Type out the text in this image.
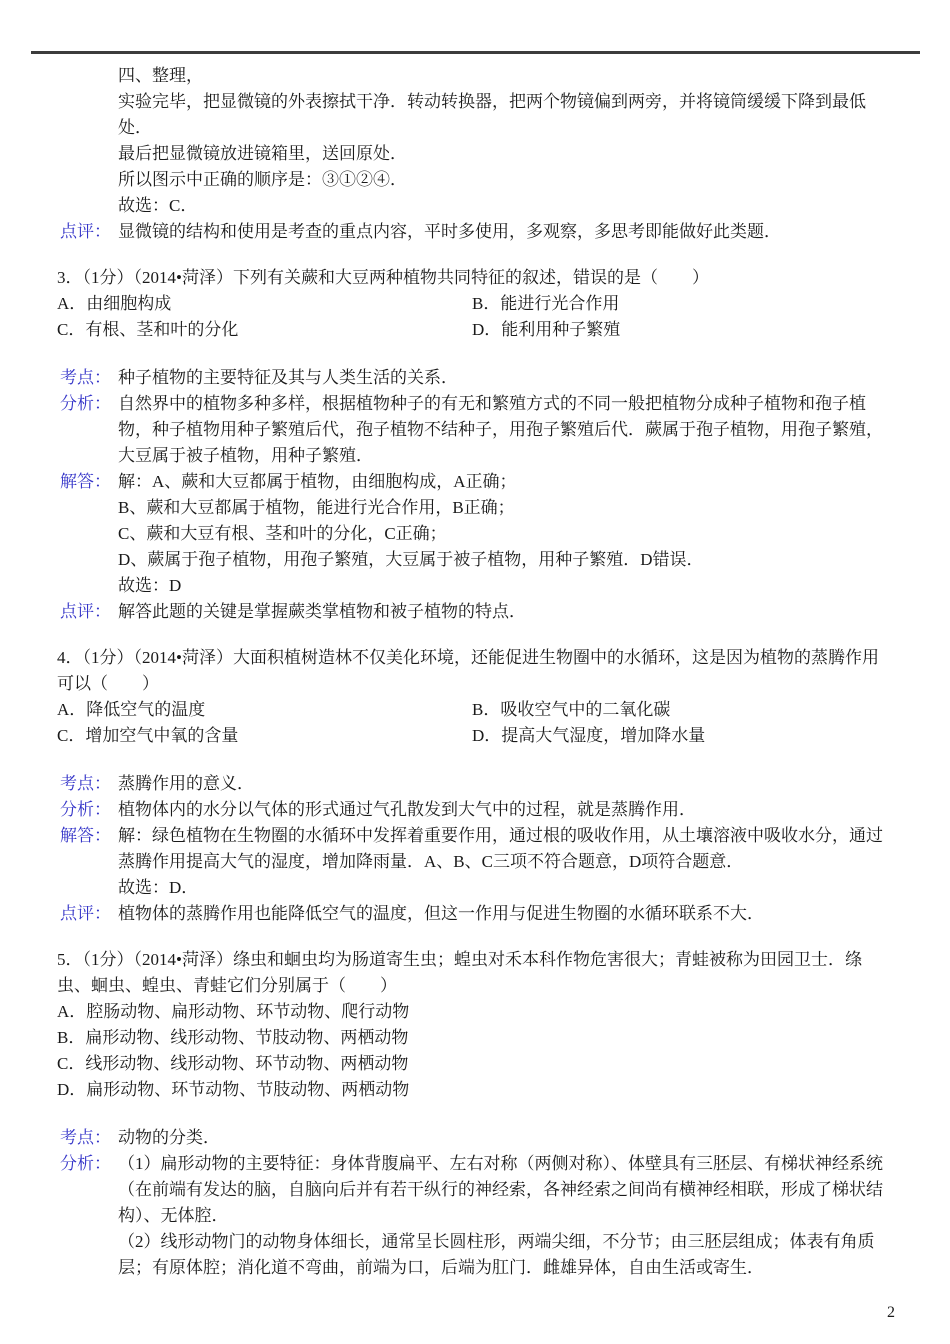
四、整理，

实验完毕，把显微镜的外表擦拭干净．转动转换器，把两个物镜偏到两旁，并将镜筒缓缓下降到最低处．

最后把显微镜放进镜箱里，送回原处．

所以图示中正确的顺序是：③①②④．

故选：C．

点评： 显微镜的结构和使用是考查的重点内容，平时多使用，多观察，多思考即能做好此类题．

3．（1分）（2014•菏泽）下列有关蕨和大豆两种植物共同特征的叙述，错误的是（　　）

A．由细胞构成	B．能进行光合作用
C．有根、茎和叶的分化	D．能利用种子繁殖
考点： 种子植物的主要特征及其与人类生活的关系．
分析： 自然界中的植物多种多样，根据植物种子的有无和繁殖方式的不同一般把植物分成种子植物和孢子植物，种子植物用种子繁殖后代，孢子植物不结种子，用孢子繁殖后代．蕨属于孢子植物，用孢子繁殖，大豆属于被子植物，用种子繁殖．
解答： 解：A、蕨和大豆都属于植物，由细胞构成，A正确；

B、蕨和大豆都属于植物，能进行光合作用，B正确；

C、蕨和大豆有根、茎和叶的分化，C正确；

D、蕨属于孢子植物，用孢子繁殖，大豆属于被子植物，用种子繁殖．D错误．

故选：D

点评： 解答此题的关键是掌握蕨类掌植物和被子植物的特点．

4．（1分）（2014•菏泽）大面积植树造林不仅美化环境，还能促进生物圈中的水循环，这是因为植物的蒸腾作用可以（　　）

A．降低空气的温度	B．吸收空气中的二氧化碳
C．增加空气中氧的含量	D．提高大气湿度，增加降水量
考点： 蒸腾作用的意义．
分析： 植物体内的水分以气体的形式通过气孔散发到大气中的过程，就是蒸腾作用．
解答： 解：绿色植物在生物圈的水循环中发挥着重要作用，通过根的吸收作用，从土壤溶液中吸收水分，通过蒸腾作用提高大气的湿度，增加降雨量．A、B、C三项不符合题意，D项符合题意．

故选：D．

点评： 植物体的蒸腾作用也能降低空气的温度，但这一作用与促进生物圈的水循环联系不大．

5．（1分）（2014•菏泽）绦虫和蛔虫均为肠道寄生虫；蝗虫对禾本科作物危害很大；青蛙被称为田园卫士．绦虫、蛔虫、蝗虫、青蛙它们分别属于（　　）

A．腔肠动物、扁形动物、环节动物、爬行动物

B．扁形动物、线形动物、节肢动物、两栖动物

C．线形动物、线形动物、环节动物、两栖动物

D．扁形动物、环节动物、节肢动物、两栖动物

考点： 动物的分类．
分析： （1）扁形动物的主要特征：身体背腹扁平、左右对称（两侧对称）、体壁具有三胚层、有梯状神经系统（在前端有发达的脑，自脑向后并有若干纵行的神经索，各神经索之间尚有横神经相联，形成了梯状结构）、无体腔．

（2）线形动物门的动物身体细长，通常呈长圆柱形，两端尖细，不分节；由三胚层组成；体表有角质层；有原体腔；消化道不弯曲，前端为口，后端为肛门．雌雄异体，自由生活或寄生．

2
